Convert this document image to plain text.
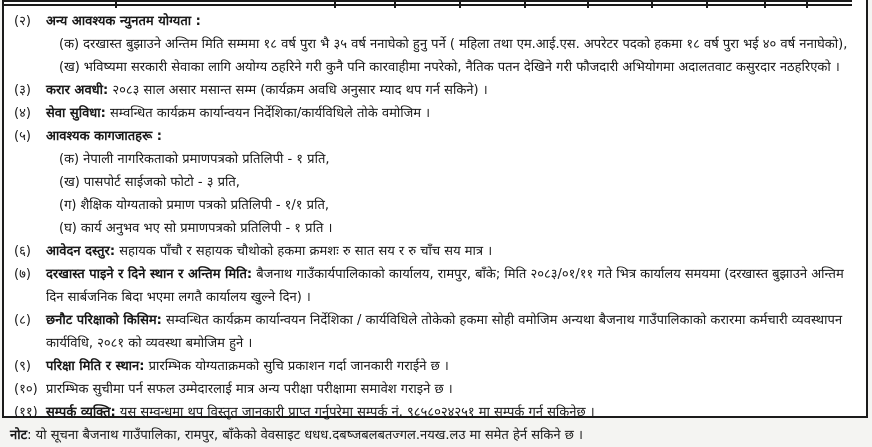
(२)	अन्य आवश्यक न्युनतम योग्यता :
(क) दरखास्त बुझाउने अन्तिम मिति सम्ममा १८ वर्ष पुरा भै ३५ वर्ष ननाघेको हुनु पर्ने ( महिला तथा एम.आई.एस. अपरेटर पदको हकमा १८ वर्ष पुरा भई ४० वर्ष ननाघेको),
(ख) भविष्यमा सरकारी सेवाका लागि अयोग्य ठहरिने गरी कुनै पनि कारवाहीमा नपरेको, नैतिक पतन देखिने गरी फौजदारी अभियोगमा अदालतवाट कसुरदार नठहरिएको ।
(३)	करार अवधी: २०८३ साल असार मसान्त सम्म (कार्यक्रम अवधि अनुसार म्याद थप गर्न सकिने) ।
(४)	सेवा सुविधा: सम्वन्धित कार्यक्रम कार्यान्वयन निर्देशिका/कार्यविधिले तोके वमोजिम ।
(५)	आवश्यक कागजातहरू :
(क) नेपाली नागरिकताको प्रमाणपत्रको प्रतिलिपी - १ प्रति,
(ख) पासपोर्ट साईजको फोटो - ३ प्रति,
(ग) शैक्षिक योग्यताको प्रमाण पत्रको प्रतिलिपी - १/१ प्रति,
(घ) कार्य अनुभव भए सो प्रमाणपत्रको प्रतिलिपी - १ प्रति ।
(६)	आवेदन दस्तुर: सहायक पाँचौ र सहायक चौथोको हकमा क्रमशः रु सात सय र रु चाँच सय मात्र ।
(७)	दरखास्त पाइने र दिने स्थान र अन्तिम मिति: बैजनाथ गाउँकार्यपालिकाको कार्यालय, रामपुर, बाँके; मिति २०८३/०१/११ गते भित्र कार्यालय समयमा (दरखास्त बुझाउने अन्तिम दिन सार्बजनिक बिदा भएमा लगतै कार्यालय खुल्ने दिन) ।
(८)	छनौट परिक्षाको किसिम: सम्वन्धित कार्यक्रम कार्यान्वयन निर्देशिका / कार्यविधिले तोकेको हकमा सोही वमोजिम अन्यथा बैजनाथ गाउँपालिकाको करारमा कर्मचारी व्यवस्थापन कार्यविधि, २०८१ को व्यवस्था बमोजिम हुने ।
(९)	परिक्षा मिति र स्थान: प्रारम्भिक योग्यताक्रमको सुचि प्रकाशन गर्दा जानकारी गराईने छ ।
(१०) प्रारम्भिक सुचीमा पर्न सफल उम्मेदारलाई मात्र अन्य परीक्षा परीक्षामा समावेश गराइने छ ।
(११) सम्पर्क व्यक्ति: यस सम्वन्धमा थप विस्तृत जानकारी प्राप्त गर्नुपरेमा सम्पर्क नं. ९८५८०२४२५१ मा सम्पर्क गर्न सकिनेछ ।
नोट : यो सूचना बैजनाथ गाउँपालिका, रामपुर, बाँकेको वेवसाइट धधध.दबष्जबलबतज्गल.नयख.लउ मा समेत हेर्न सकिने छ ।
